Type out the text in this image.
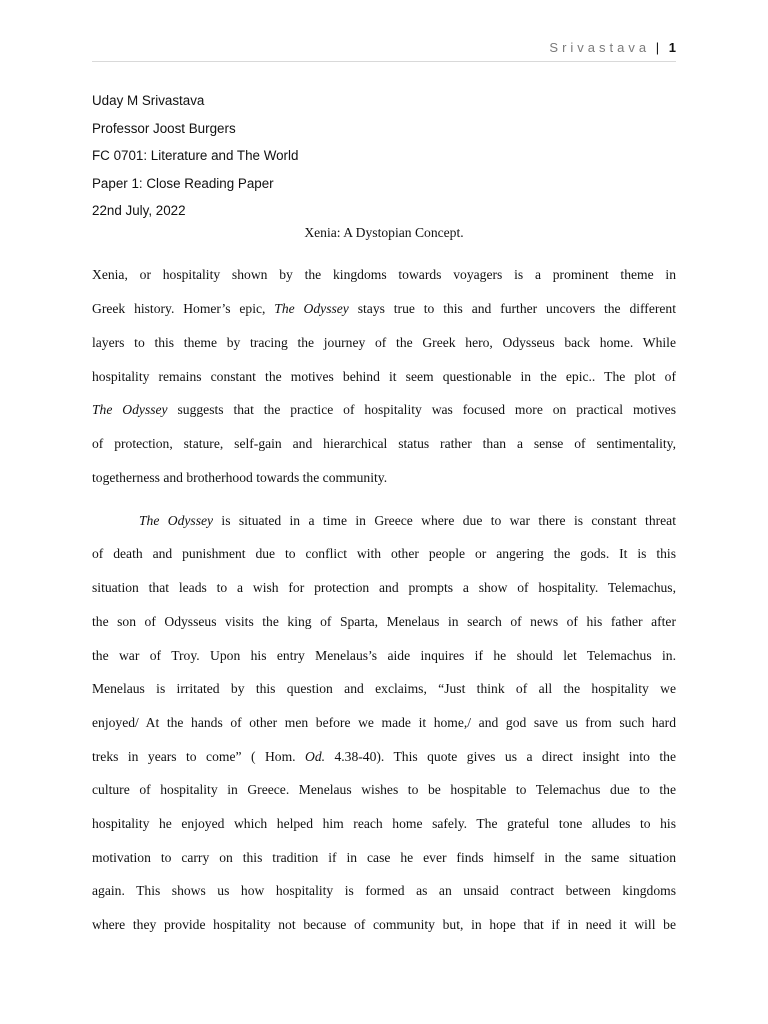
Srivastava | 1
Uday M Srivastava
Professor Joost Burgers
FC 0701: Literature and The World
Paper 1: Close Reading Paper
22nd July, 2022
Xenia: A Dystopian Concept.
Xenia, or hospitality shown by the kingdoms towards voyagers is a prominent theme in
Greek history. Homer’s epic, The Odyssey stays true to this and further uncovers the different
layers to this theme by tracing the journey of the Greek hero, Odysseus back home. While
hospitality remains constant the motives behind it seem questionable in the epic.. The plot of
The Odyssey suggests that the practice of hospitality was focused more on practical motives
of protection, stature, self-gain and hierarchical status rather than a sense of sentimentality,
togetherness and brotherhood towards the community.
The Odyssey is situated in a time in Greece where due to war there is constant threat
of death and punishment due to conflict with other people or angering the gods. It is this
situation that leads to a wish for protection and prompts a show of hospitality. Telemachus,
the son of Odysseus visits the king of Sparta, Menelaus in search of news of his father after
the war of Troy. Upon his entry Menelaus’s aide inquires if he should let Telemachus in.
Menelaus is irritated by this question and exclaims, “Just think of all the hospitality we
enjoyed/ At the hands of other men before we made it home,/ and god save us from such hard
treks in years to come” ( Hom. Od. 4.38-40). This quote gives us a direct insight into the
culture of hospitality in Greece. Menelaus wishes to be hospitable to Telemachus due to the
hospitality he enjoyed which helped him reach home safely. The grateful tone alludes to his
motivation to carry on this tradition if in case he ever finds himself in the same situation
again. This shows us how hospitality is formed as an unsaid contract between kingdoms
where they provide hospitality not because of community but, in hope that if in need it will be
